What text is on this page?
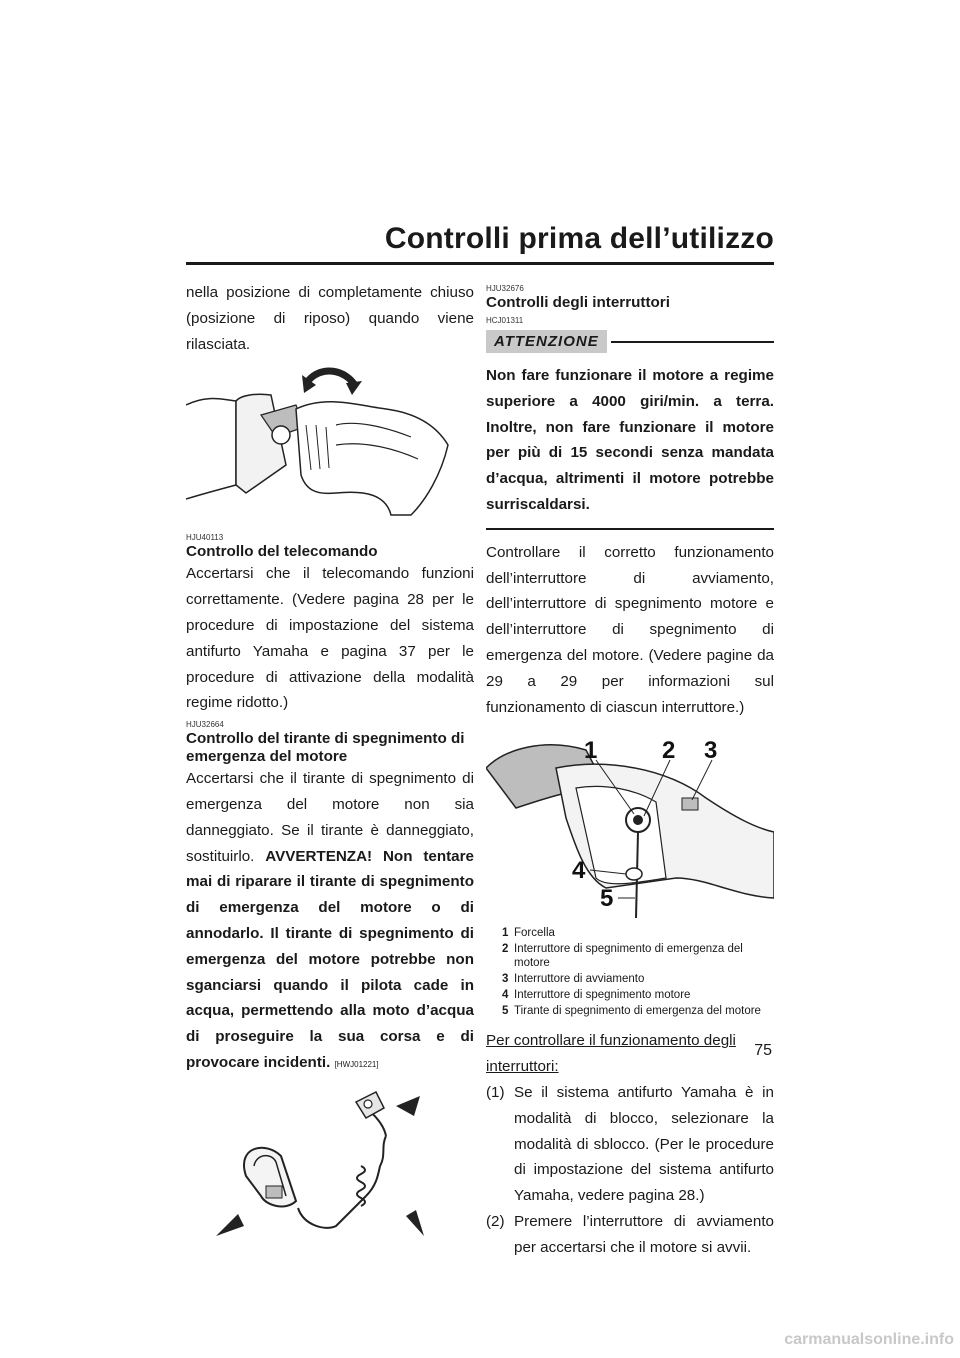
Controlli prima dell’utilizzo

nella posizione di completamente chiuso (posizione di riposo) quando viene rilasciata.

HJU40113
Controllo del telecomando

Accertarsi che il telecomando funzioni correttamente. (Vedere pagina 28 per le procedure di impostazione del sistema antifurto Yamaha e pagina 37 per le procedure di attivazione della modalità regime ridotto.)

HJU32664
Controllo del tirante di spegnimento di emergenza del motore

Accertarsi che il tirante di spegnimento di emergenza del motore non sia danneggiato. Se il tirante è danneggiato, sostituirlo. AVVERTENZA! Non tentare mai di riparare il tirante di spegnimento di emergenza del motore o di annodarlo. Il tirante di spegnimento di emergenza del motore potrebbe non sganciarsi quando il pilota cade in acqua, permettendo alla moto d’acqua di proseguire la sua corsa e di provocare incidenti. [HWJ01221]

HJU32676
Controlli degli interruttori
HCJ01311
ATTENZIONE

Non fare funzionare il motore a regime superiore a 4000 giri/min. a terra. Inoltre, non fare funzionare il motore per più di 15 secondi senza mandata d’acqua, altrimenti il motore potrebbe surriscaldarsi.

Controllare il corretto funzionamento dell’interruttore di avviamento, dell’interruttore di spegnimento motore e dell’interruttore di spegnimento di emergenza del motore. (Vedere pagine da 29 a 29 per informazioni sul funzionamento di ciascun interruttore.)

1	2 3
4
5
1 Forcella
2 Interruttore di spegnimento di emergenza del motore
3 Interruttore di avviamento
4 Interruttore di spegnimento motore
5 Tirante di spegnimento di emergenza del motore

Per controllare il funzionamento degli interruttori:

(1) Se il sistema antifurto Yamaha è in modalità di blocco, selezionare la modalità di sblocco. (Per le procedure di impostazione del sistema antifurto Yamaha, vedere pagina 28.)
(2) Premere l’interruttore di avviamento per accertarsi che il motore si avvii.
75
carmanualsonline.info
